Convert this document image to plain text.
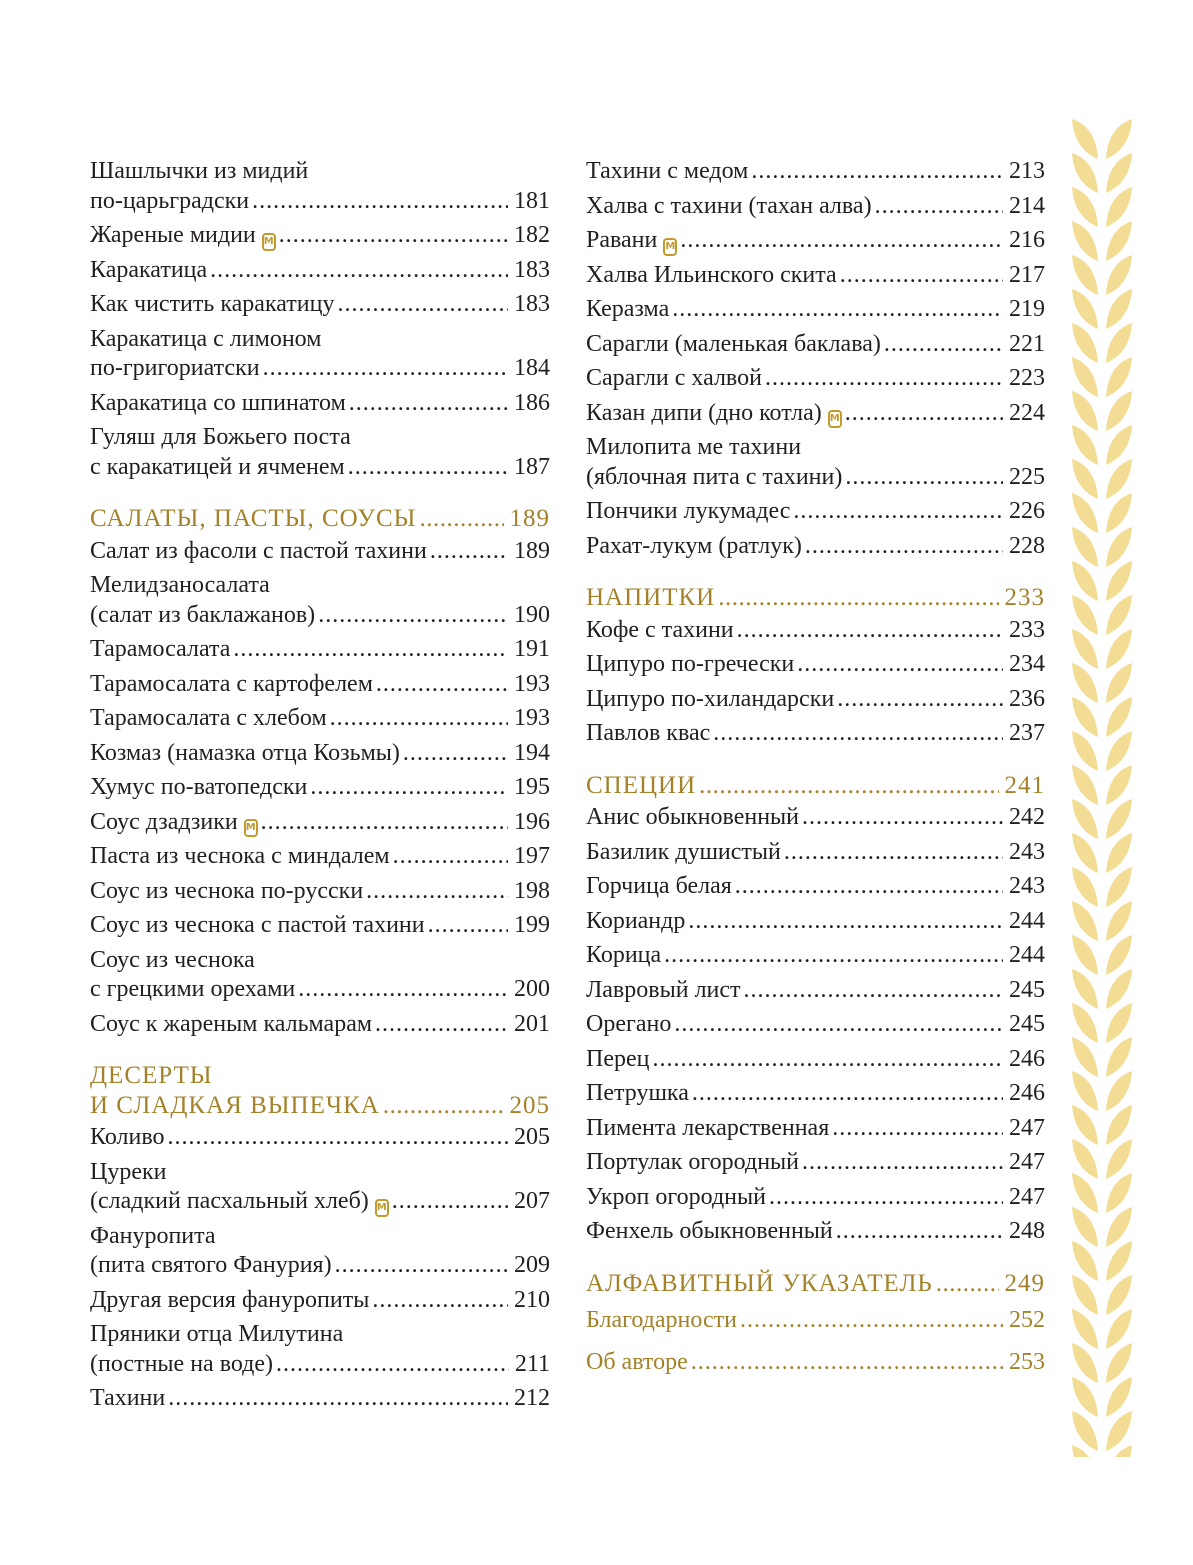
Шашлычки из мидий
по-царьградски .....	181
Жареные мидии M .....	182
Каракатица .....	183
Как чистить каракатицу .....	183
Каракатица с лимоном
по-григориатски .....	184
Каракатица со шпинатом .....	186
Гуляш для Божьего поста
с каракатицей и ячменем .....	187
САЛАТЫ, ПАСТЫ, СОУСЫ .....	189
Салат из фасоли с пастой тахини .....	189
Мелидзаносалата
(салат из баклажанов) .....	190
Тарамосалата .....	191
Тарамосалата с картофелем .....	193
Тарамосалата с хлебом .....	193
Козмаз (намазка отца Козьмы) .....	194
Хумус по-ватопедски .....	195
Соус дзадзики M .....	196
Паста из чеснока с миндалем .....	197
Соус из чеснока по-русски .....	198
Соус из чеснока с пастой тахини .....	199
Соус из чеснока
с грецкими орехами .....	200
Соус к жареным кальмарам .....	201
ДЕСЕРТЫ
И СЛАДКАЯ ВЫПЕЧКА .....	205
Коливо .....	205
Цуреки
(сладкий пасхальный хлеб) M .....	207
Фануропита
(пита святого Фанурия) .....	209
Другая версия фануропиты .....	210
Пряники отца Милутина
(постные на воде) .....	211
Тахини .....	212
Тахини с медом .....	213
Халва с тахини (тахан алва) .....	214
Равани M .....	216
Халва Ильинского скита .....	217
Керазма .....	219
Сарагли (маленькая баклава) .....	221
Сарагли с халвой .....	223
Казан дипи (дно котла) M .....	224
Милопита ме тахини
(яблочная пита с тахини) .....	225
Пончики лукумадес .....	226
Рахат-лукум (ратлук) .....	228
НАПИТКИ .....	233
Кофе с тахини .....	233
Ципуро по-гречески .....	234
Ципуро по-хиландарски .....	236
Павлов квас .....	237
СПЕЦИИ .....	241
Анис обыкновенный .....	242
Базилик душистый .....	243
Горчица белая .....	243
Кориандр .....	244
Корица .....	244
Лавровый лист .....	245
Орегано .....	245
Перец .....	246
Петрушка .....	246
Пимента лекарственная .....	247
Портулак огородный .....	247
Укроп огородный .....	247
Фенхель обыкновенный .....	248
АЛФАВИТНЫЙ УКАЗАТЕЛЬ .....	249
Благодарности .....	252
Об авторе .....	253
